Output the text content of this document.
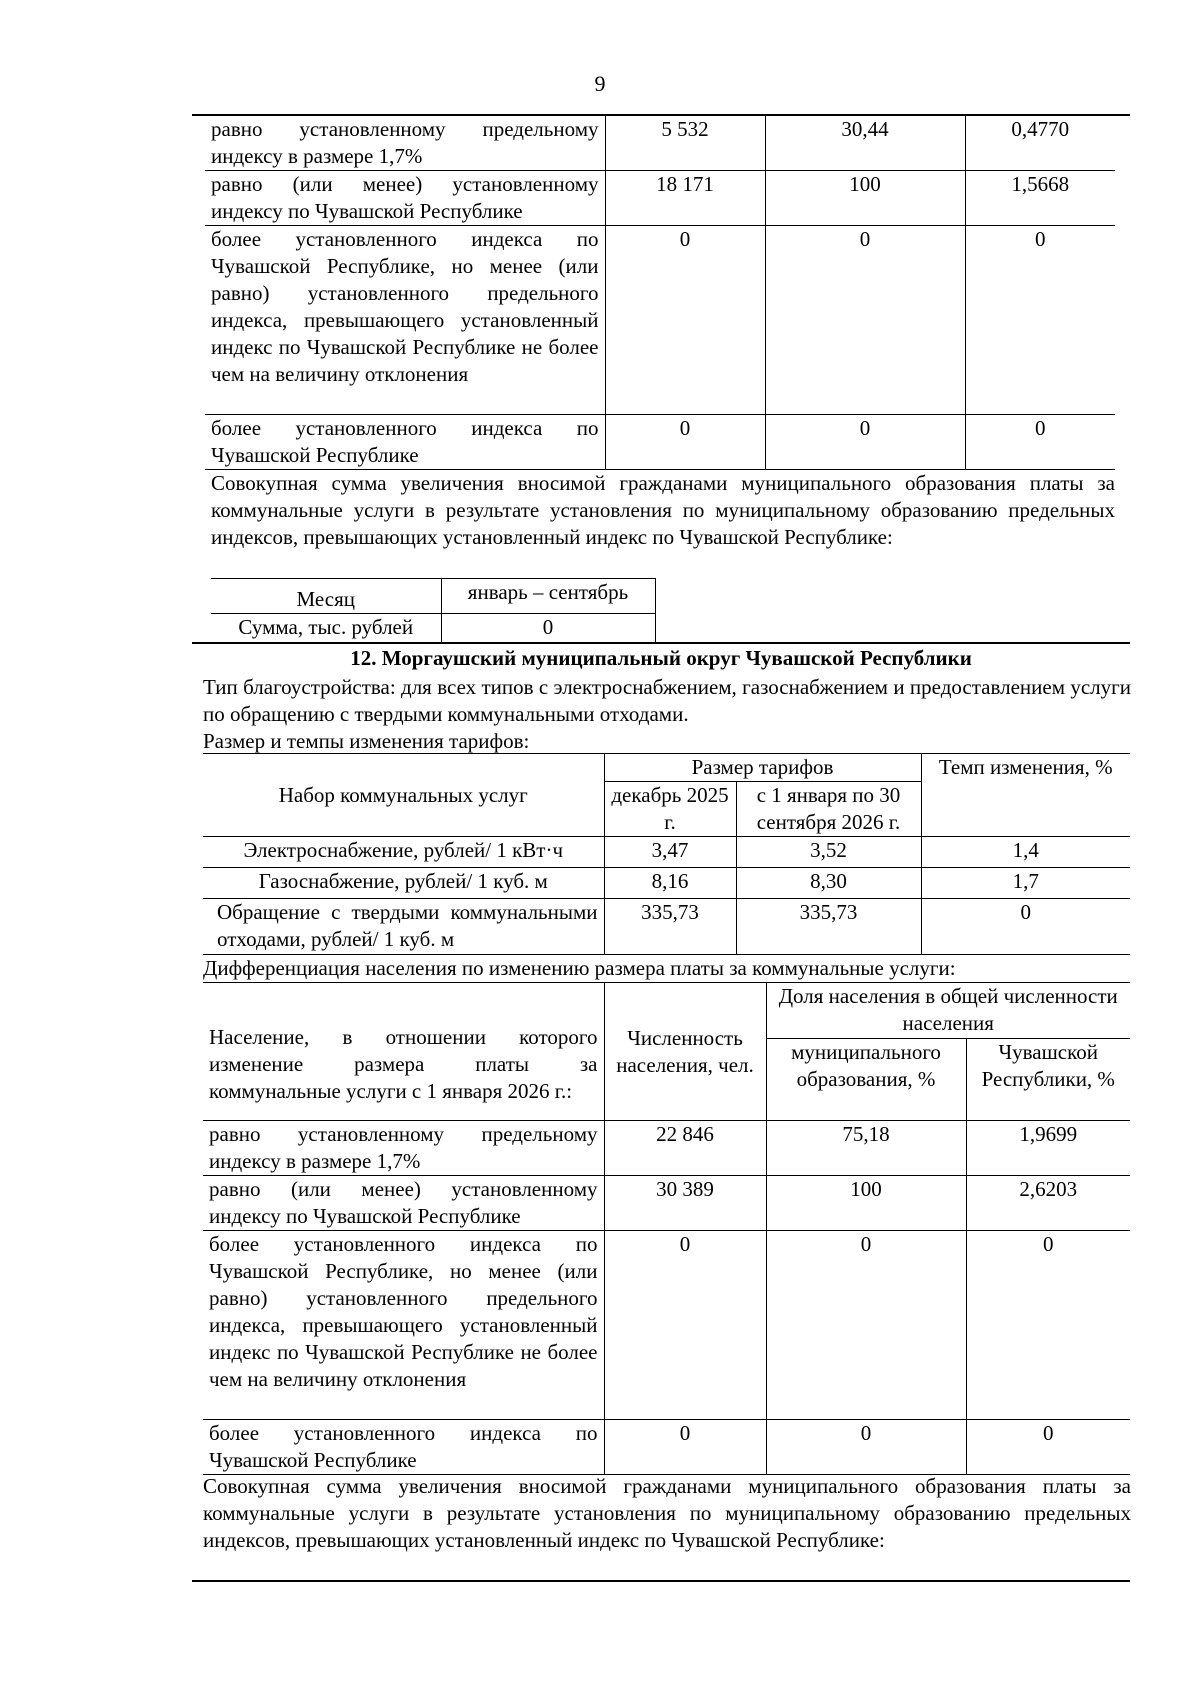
9
равно установленному предельному индексу в размере 1,7%	5 532	30,44	0,4770
равно (или менее) установленному индексу по Чувашской Республике	18 171	100	1,5668
более установленного индекса по Чувашской Республике, но менее (или равно) установленного предельного индекса, превышающего установленный индекс по Чувашской Республике не более чем на величину отклонения	0	0	0
более установленного индекса по Чувашской Республике	0	0	0
Совокупная сумма увеличения вносимой гражданами муниципального образования платы за коммунальные услуги в результате установления по муниципальному образованию предельных индексов, превышающих установленный индекс по Чувашской Республике:
Месяц	январь – сентябрь
Сумма, тыс. рублей	0
12. Моргаушский муниципальный округ Чувашской Республики
Тип благоустройства: для всех типов с электроснабжением, газоснабжением и предоставлением услуги по обращению с твердыми коммунальными отходами.
Размер и темпы изменения тарифов:
Набор коммунальных услуг	Размер тарифов		Темп изменения, %
	декабрь 2025 г.	с 1 января по 30 сентября 2026 г.	
Электроснабжение, рублей/ 1 кВт·ч	3,47	3,52	1,4
Газоснабжение, рублей/ 1 куб. м	8,16	8,30	1,7
Обращение с твердыми коммунальными отходами, рублей/ 1 куб. м	335,73	335,73	0
Дифференциация населения по изменению размера платы за коммунальные услуги:
Население, в отношении которого изменение размера платы за коммунальные услуги с 1 января 2026 г.:	Численность населения, чел.	Доля населения в общей численности населения	
		муниципального образования, %	Чувашской Республики, %
равно установленному предельному индексу в размере 1,7%	22 846	75,18	1,9699
равно (или менее) установленному индексу по Чувашской Республике	30 389	100	2,6203
более установленного индекса по Чувашской Республике, но менее (или равно) установленного предельного индекса, превышающего установленный индекс по Чувашской Республике не более чем на величину отклонения	0	0	0
более установленного индекса по Чувашской Республике	0	0	0
Совокупная сумма увеличения вносимой гражданами муниципального образования платы за коммунальные услуги в результате установления по муниципальному образованию предельных индексов, превышающих установленный индекс по Чувашской Республике:
